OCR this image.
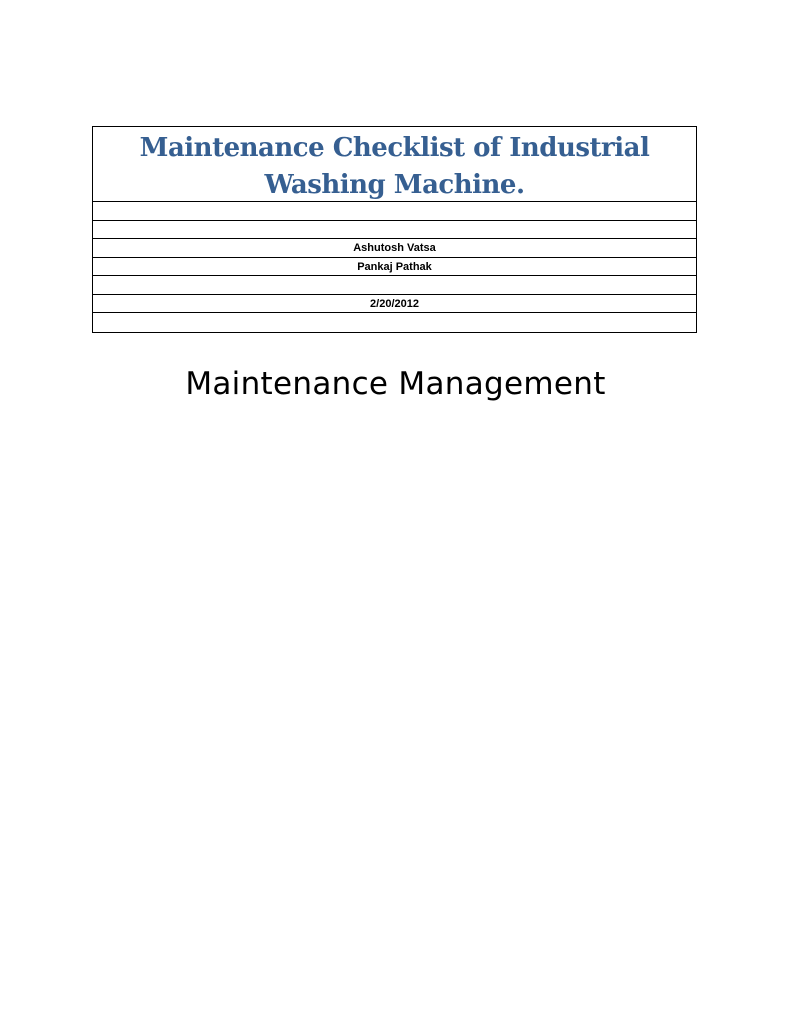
Maintenance Checklist of Industrial Washing Machine.
Ashutosh Vatsa
Pankaj Pathak
2/20/2012
Maintenance Management
